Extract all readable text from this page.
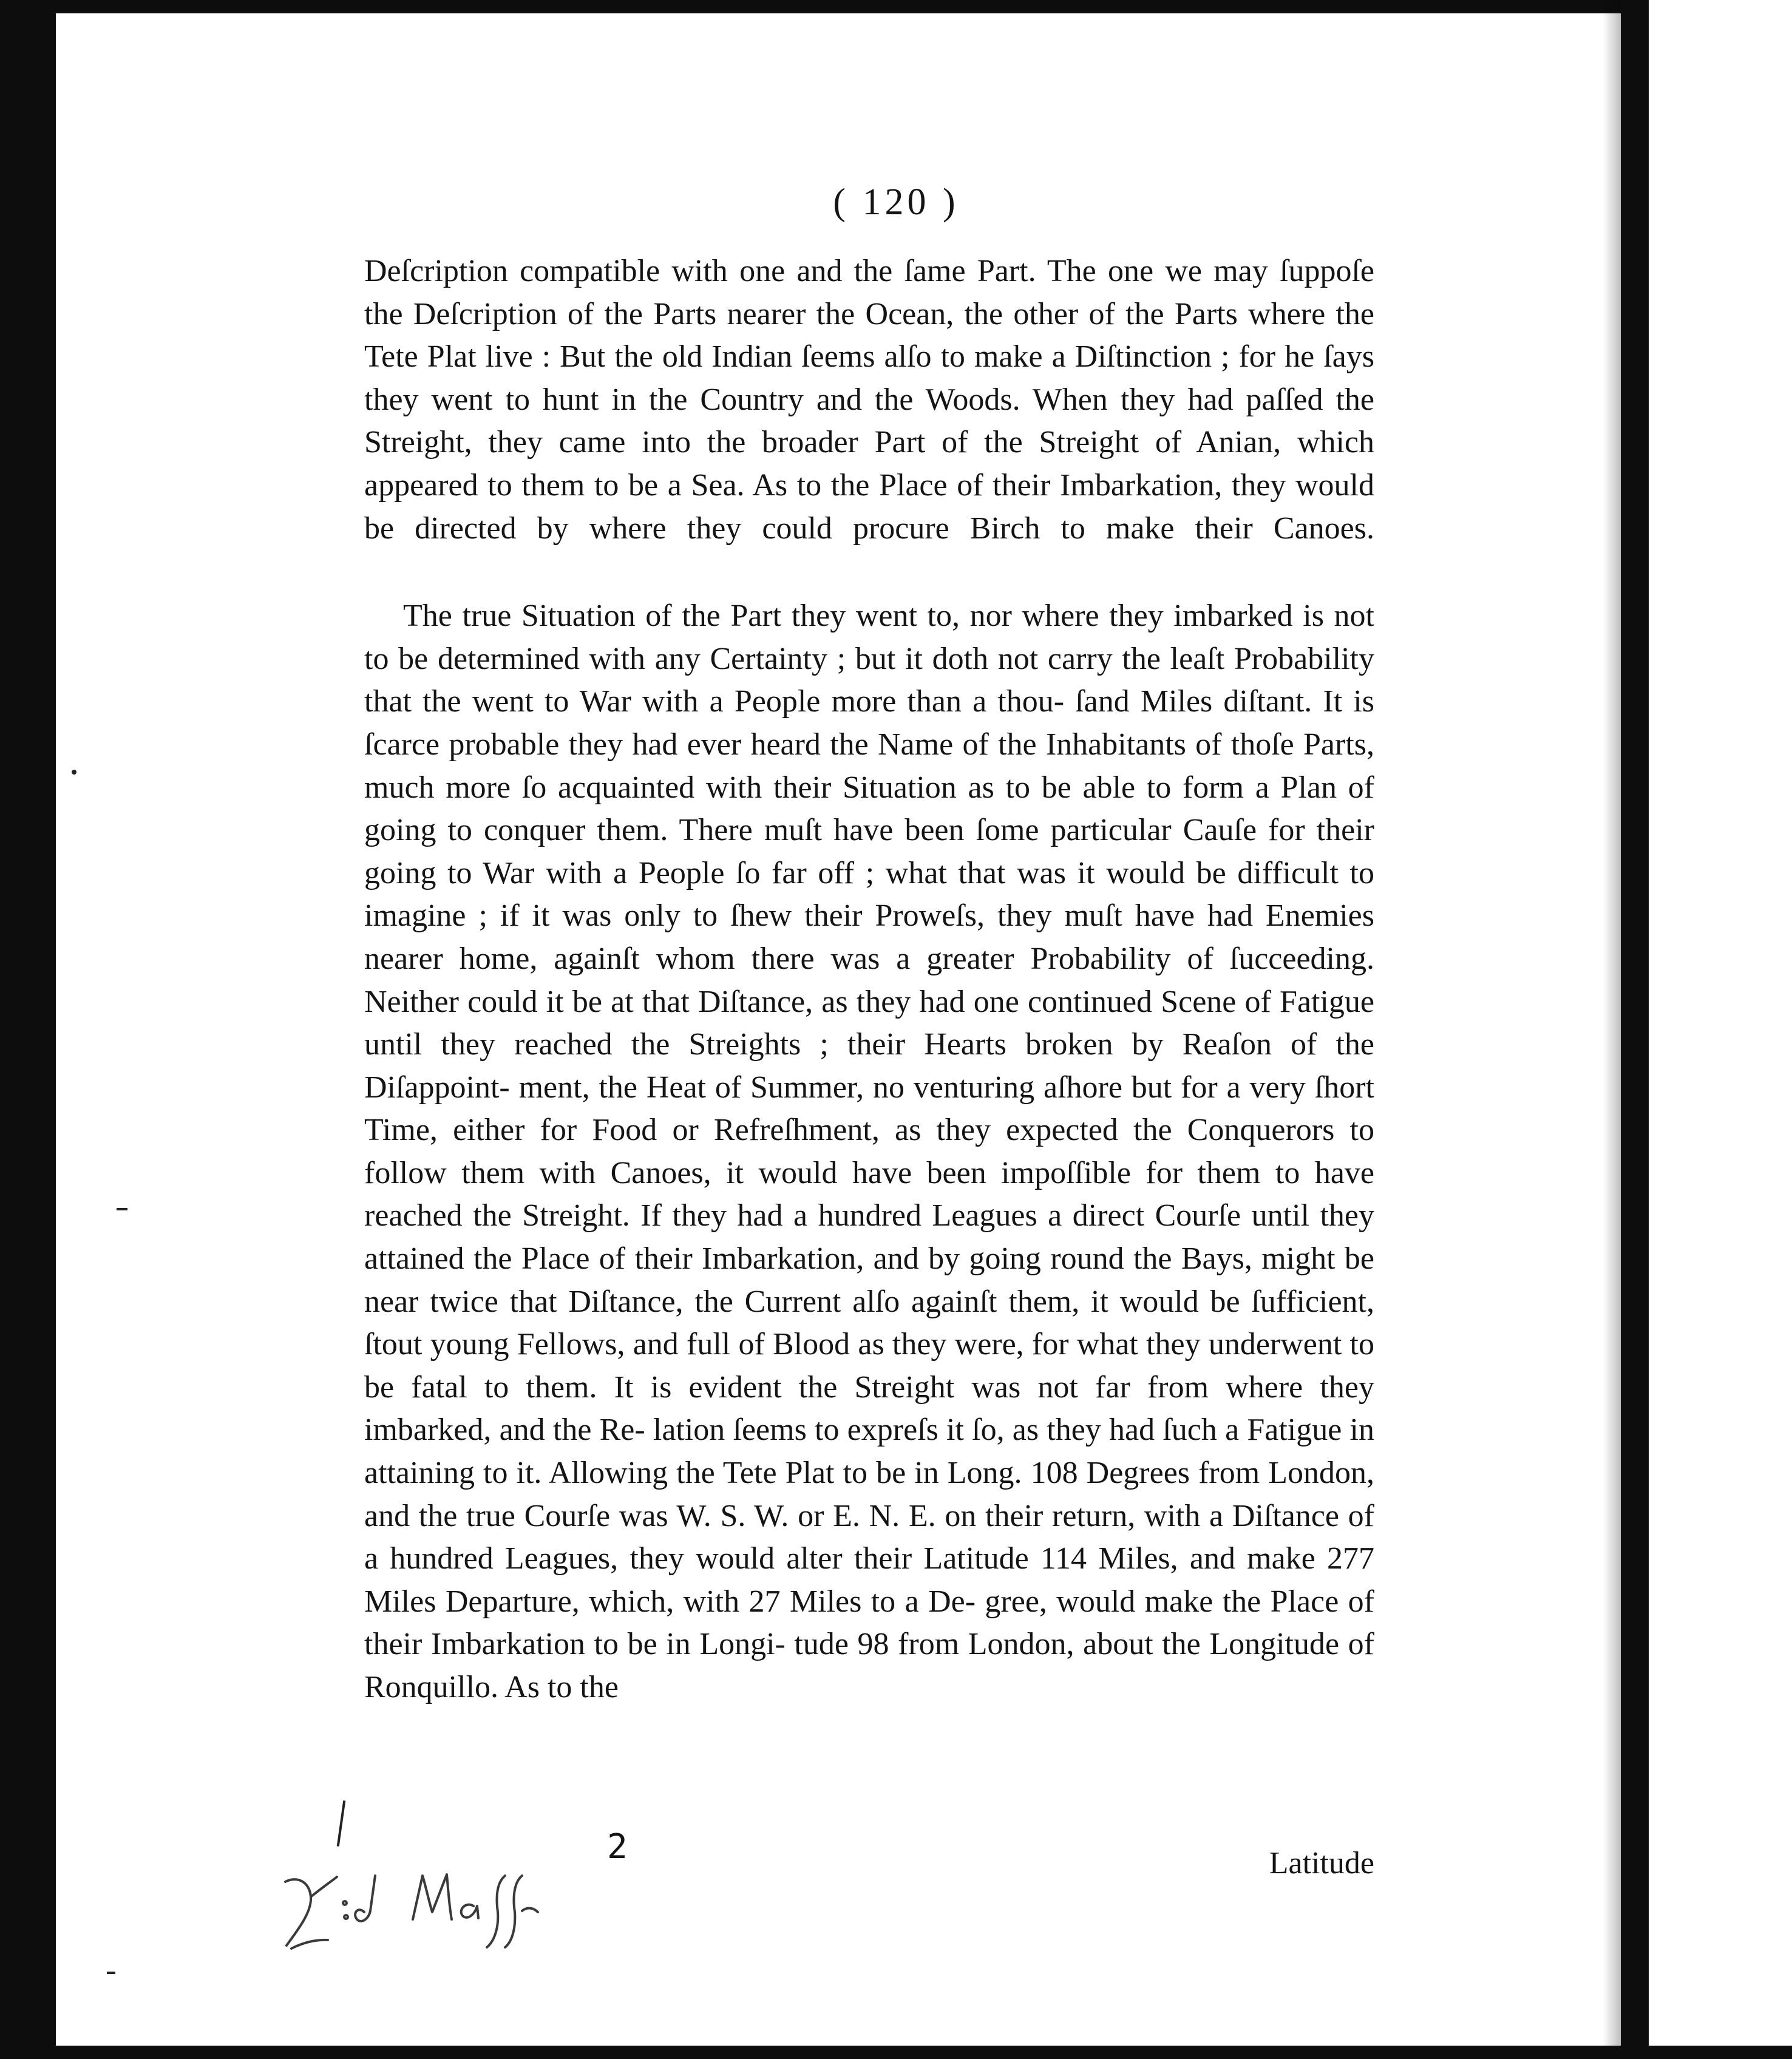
( 120 )

Deſcription compatible with one and the ſame Part. The one we may ſuppoſe the Deſcription of the Parts nearer the Ocean, the other of the Parts where the Tete Plat live : But the old Indian ſeems alſo to make a Diſtinction ; for he ſays they went to hunt in the Country and the Woods. When they had paſſed the Streight, they came into the broader Part of the Streight of Anian, which appeared to them to be a Sea. As to the Place of their Imbarkation, they would be directed by where they could procure Birch to make their Canoes.

The true Situation of the Part they went to, nor where they imbarked is not to be determined with any Certainty ; but it doth not carry the leaſt Probability that the went to War with a People more than a thou- ſand Miles diſtant. It is ſcarce probable they had ever heard the Name of the Inhabitants of thoſe Parts, much more ſo acquainted with their Situation as to be able to form a Plan of going to conquer them. There muſt have been ſome particular Cauſe for their going to War with a People ſo far off ; what that was it would be difficult to imagine ; if it was only to ſhew their Proweſs, they muſt have had Enemies nearer home, againſt whom there was a greater Probability of ſucceeding. Neither could it be at that Diſtance, as they had one continued Scene of Fatigue until they reached the Streights ; their Hearts broken by Reaſon of the Diſappoint- ment, the Heat of Summer, no venturing aſhore but for a very ſhort Time, either for Food or Refreſhment, as they expected the Conquerors to follow them with Canoes, it would have been impoſſible for them to have reached the Streight. If they had a hundred Leagues a direct Courſe until they attained the Place of their Imbarkation, and by going round the Bays, might be near twice that Diſtance, the Current alſo againſt them, it would be ſufficient, ſtout young Fellows, and full of Blood as they were, for what they underwent to be fatal to them. It is evident the Streight was not far from where they imbarked, and the Re- lation ſeems to expreſs it ſo, as they had ſuch a Fatigue in attaining to it. Allowing the Tete Plat to be in Long. 108 Degrees from London, and the true Courſe was W. S. W. or E. N. E. on their return, with a Diſtance of a hundred Leagues, they would alter their Latitude 114 Miles, and make 277 Miles Departure, which, with 27 Miles to a De- gree, would make the Place of their Imbarkation to be in Longi- tude 98 from London, about the Longitude of Ronquillo. As to the

2	Latitude
